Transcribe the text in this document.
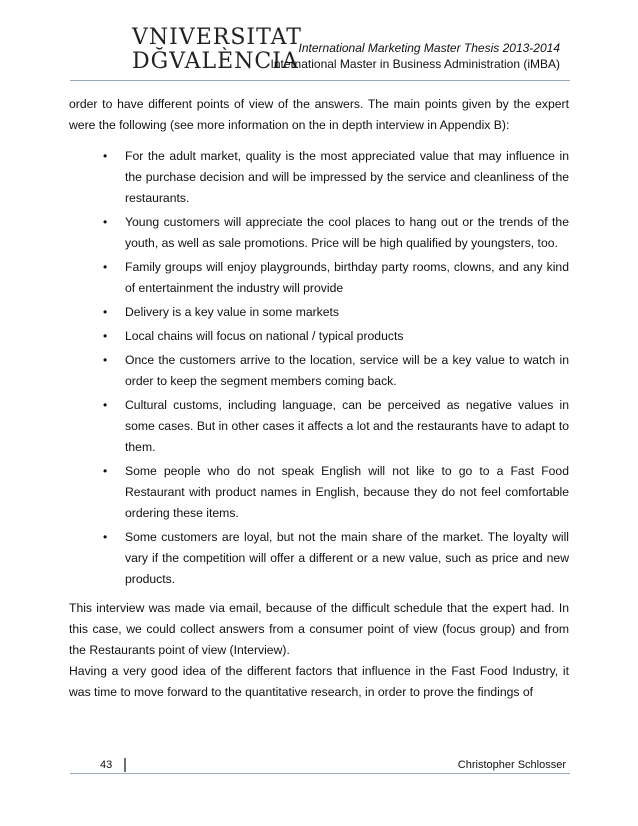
VNIVERSITAT
DĞVALÈNCIA
International Marketing Master Thesis 2013-2014
International Master in Business Administration (iMBA)

order to have different points of view of the answers. The main points given by the expert were the following (see more information on the in depth interview in Appendix B):

• For the adult market, quality is the most appreciated value that may influence in the purchase decision and will be impressed by the service and cleanliness of the restaurants.
• Young customers will appreciate the cool places to hang out or the trends of the youth, as well as sale promotions. Price will be high qualified by youngsters, too.
• Family groups will enjoy playgrounds, birthday party rooms, clowns, and any kind of entertainment the industry will provide
• Delivery is a key value in some markets
• Local chains will focus on national / typical products
• Once the customers arrive to the location, service will be a key value to watch in order to keep the segment members coming back.
• Cultural customs, including language, can be perceived as negative values in some cases. But in other cases it affects a lot and the restaurants have to adapt to them.
• Some people who do not speak English will not like to go to a Fast Food Restaurant with product names in English, because they do not feel comfortable ordering these items.
• Some customers are loyal, but not the main share of the market. The loyalty will vary if the competition will offer a different or a new value, such as price and new products.

This interview was made via email, because of the difficult schedule that the expert had. In this case, we could collect answers from a consumer point of view (focus group) and from the Restaurants point of view (Interview).

Having a very good idea of the different factors that influence in the Fast Food Industry, it was time to move forward to the quantitative research, in order to prove the findings of

43	Christopher Schlosser
